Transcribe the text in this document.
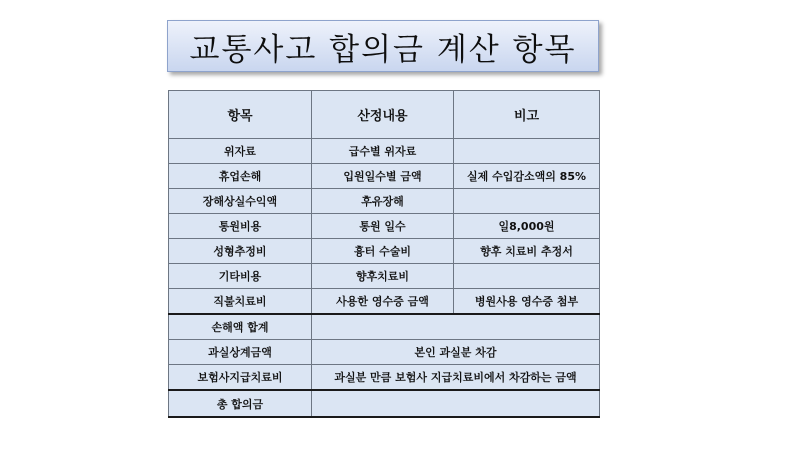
교통사고 합의금 계산 항목
항목	산정내용	비고
위자료	급수별 위자료	
휴업손해	입원일수별 금액	실제 수입감소액의 85%
장해상실수익액	후유장해	
통원비용	통원 일수	일8,000원
성형추정비	흉터 수술비	향후 치료비 추정서
기타비용	향후치료비	
직불치료비	사용한 영수증 금액	병원사용 영수증 첨부
손해액 합계		
과실상계금액	본인 과실분 차감	
보험사지급치료비	과실분 만큼 보험사 지급치료비에서 차감하는 금액	
총 합의금		
